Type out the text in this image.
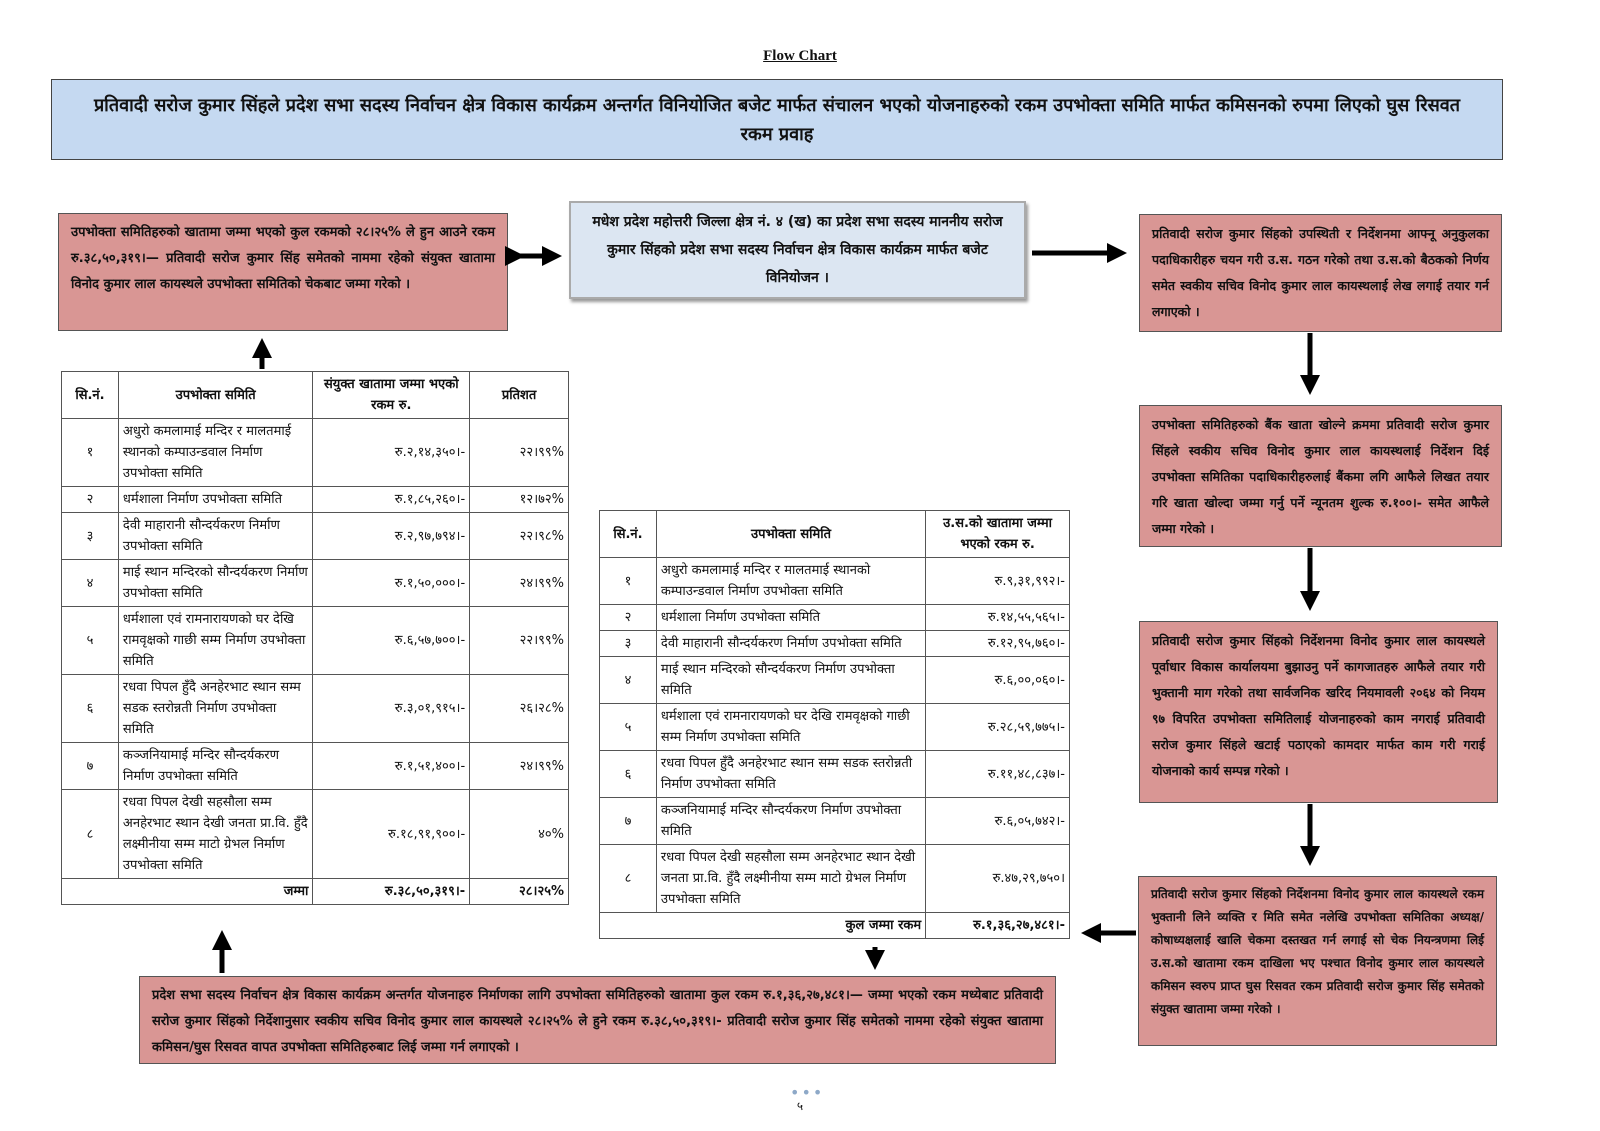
Flow Chart
प्रतिवादी सरोज कुमार सिंहले प्रदेश सभा सदस्य निर्वाचन क्षेत्र विकास कार्यक्रम अन्तर्गत विनियोजित बजेट मार्फत संचालन भएको योजनाहरुको रकम उपभोक्ता समिति मार्फत कमिसनको रुपमा लिएको घुस रिसवत रकम प्रवाह
मधेश प्रदेश महोत्तरी जिल्ला क्षेत्र नं. ४ (ख) का प्रदेश सभा सदस्य माननीय सरोज कुमार सिंहको प्रदेश सभा सदस्य निर्वाचन क्षेत्र विकास कार्यक्रम मार्फत बजेट विनियोजन ।
उपभोक्ता समितिहरुको खातामा जम्मा भएको कुल रकमको २८।२५% ले हुन आउने रकम रु.३८,५०,३१९।— प्रतिवादी सरोज कुमार सिंह समेतको नाममा रहेको संयुक्त खातामा विनोद कुमार लाल कायस्थले उपभोक्ता समितिको चेकबाट जम्मा गरेको ।
प्रतिवादी सरोज कुमार सिंहको उपस्थिती र निर्देशनमा आफ्नू अनुकुलका पदाधिकारीहरु चयन गरी उ.स. गठन गरेको तथा उ.स.को बैठकको निर्णय समेत स्वकीय सचिव विनोद कुमार लाल कायस्थलाई लेख लगाई तयार गर्न लगाएको ।
उपभोक्ता समितिहरुको बैंक खाता खोल्ने क्रममा प्रतिवादी सरोज कुमार सिंहले स्वकीय सचिव विनोद कुमार लाल कायस्थलाई निर्देशन दिई उपभोक्ता समितिका पदाधिकारीहरुलाई बैंकमा लगि आफैले लिखत तयार गरि खाता खोल्दा जम्मा गर्नु पर्ने न्यूनतम शुल्क रु.१००।- समेत आफैले जम्मा गरेको ।
प्रतिवादी सरोज कुमार सिंहको निर्देशनमा विनोद कुमार लाल कायस्थले पूर्वाधार विकास कार्यालयमा बुझाउनु पर्ने कागजातहरु आफैले तयार गरी भुक्तानी माग गरेको तथा सार्वजनिक खरिद नियमावली २०६४ को नियम ९७ विपरित उपभोक्ता समितिलाई योजनाहरुको काम नगराई प्रतिवादी सरोज कुमार सिंहले खटाई पठाएको कामदार मार्फत काम गरी गराई योजनाको कार्य सम्पन्न गरेको ।
प्रतिवादी सरोज कुमार सिंहको निर्देशनमा विनोद कुमार लाल कायस्थले रकम भुक्तानी लिने व्यक्ति र मिति समेत नलेखि उपभोक्ता समितिका अध्यक्ष/कोषाध्यक्षलाई खालि चेकमा दस्तखत गर्न लगाई सो चेक नियन्त्रणमा लिई उ.स.को खातामा रकम दाखिला भए पश्चात विनोद कुमार लाल कायस्थले कमिसन स्वरुप प्राप्त घुस रिसवत रकम प्रतिवादी सरोज कुमार सिंह समेतको संयुक्त खातामा जम्मा गरेको ।
प्रदेश सभा सदस्य निर्वाचन क्षेत्र विकास कार्यक्रम अन्तर्गत योजनाहरु निर्माणका लागि उपभोक्ता समितिहरुको खातामा कुल रकम रु.१,३६,२७,४८१।— जम्मा भएको रकम मध्येबाट प्रतिवादी सरोज कुमार सिंहको निर्देशानुसार स्वकीय सचिव विनोद कुमार लाल कायस्थले २८।२५% ले हुने रकम रु.३८,५०,३१९।- प्रतिवादी सरोज कुमार सिंह समेतको नाममा रहेको संयुक्त खातामा कमिसन/घुस रिसवत वापत उपभोक्ता समितिहरुबाट लिई जम्मा गर्न लगाएको ।
सि.नं.	उपभोक्ता समिति	संयुक्त खातामा जम्मा भएको रकम रु.	प्रतिशत
१	अधुरो कमलामाई मन्दिर र मालतमाई स्थानको कम्पाउन्डवाल निर्माण उपभोक्ता समिति	रु.२,१४,३५०।-	२२।९९%
२	धर्मशाला निर्माण उपभोक्ता समिति	रु.१,८५,२६०।-	१२।७२%
३	देवी माहारानी सौन्दर्यकरण निर्माण उपभोक्ता समिति	रु.२,९७,७९४।-	२२।९८%
४	माई स्थान मन्दिरको सौन्दर्यकरण निर्माण उपभोक्ता समिति	रु.१,५०,०००।-	२४।९९%
५	धर्मशाला एवं रामनारायणको घर देखि रामवृक्षको गाछी सम्म निर्माण उपभोक्ता समिति	रु.६,५७,७००।-	२२।९९%
६	रधवा पिपल हुँदै अनहेरभाट स्थान सम्म सडक स्तरोन्नती निर्माण उपभोक्ता समिति	रु.३,०१,९१५।-	२६।२८%
७	कञ्जनियामाई मन्दिर सौन्दर्यकरण निर्माण उपभोक्ता समिति	रु.१,५१,४००।-	२४।९९%
८	रधवा पिपल देखी सहसौला सम्म अनहेरभाट स्थान देखी जनता प्रा.वि. हुँदै लक्ष्मीनीया सम्म माटो ग्रेभल निर्माण उपभोक्ता समिति	रु.१८,९१,९००।-	४०%
जम्मा		रु.३८,५०,३१९।-	२८।२५%
सि.नं.	उपभोक्ता समिति	उ.स.को खातामा जम्मा भएको रकम रु.
१	अधुरो कमलामाई मन्दिर र मालतमाई स्थानको कम्पाउन्डवाल निर्माण उपभोक्ता समिति	रु.९,३१,९९२।-
२	धर्मशाला निर्माण उपभोक्ता समिति	रु.१४,५५,५६५।-
३	देवी माहारानी सौन्दर्यकरण निर्माण उपभोक्ता समिति	रु.१२,९५,७६०।-
४	माई स्थान मन्दिरको सौन्दर्यकरण निर्माण उपभोक्ता समिति	रु.६,००,०६०।-
५	धर्मशाला एवं रामनारायणको घर देखि रामवृक्षको गाछी सम्म निर्माण उपभोक्ता समिति	रु.२८,५९,७७५।-
६	रधवा पिपल हुँदै अनहेरभाट स्थान सम्म सडक स्तरोन्नती निर्माण उपभोक्ता समिति	रु.११,४८,८३७।-
७	कञ्जनियामाई मन्दिर सौन्दर्यकरण निर्माण उपभोक्ता समिति	रु.६,०५,७४२।-
८	रधवा पिपल देखी सहसौला सम्म अनहेरभाट स्थान देखी जनता प्रा.वि. हुँदै लक्ष्मीनीया सम्म माटो ग्रेभल निर्माण उपभोक्ता समिति	रु.४७,२९,७५०।
कुल जम्मा रकम		रु.१,३६,२७,४८१।-
•••
५
